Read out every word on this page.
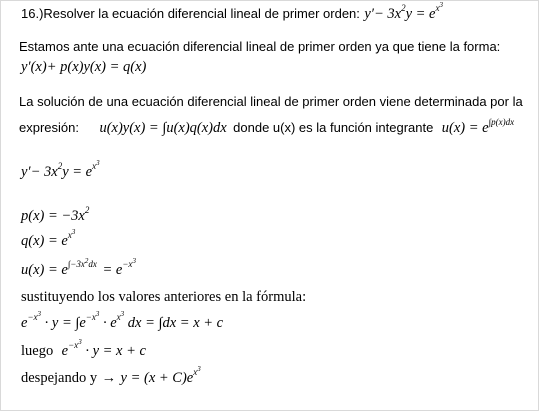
16.)Resolver la ecuación diferencial lineal de primer orden: $y'- 3x^2y = e^{x^3}$
Estamos ante una ecuación diferencial lineal de primer orden ya que tiene la forma:
y′(x)+ p(x)y(x) = q(x)
La solución de una ecuación diferencial lineal de primer orden viene determinada por la
expresión: u(x)y(x) = ∫u(x)q(x)dx donde u(x) es la función integrante $u(x) = e^{\int p(x)dx}$
$y'- 3x^2y = e^{x^3}$
$p(x) = -3x^2$
$q(x) = e^{x^3}$
$u(x) = e^{\int-3x^2dx} = e^{-x^3}$
sustituyendo los valores anteriores en la fórmula:
$e^{-x^3} \cdot y = \int e^{-x^3} \cdot e^{x^3}$ dx = ∫dx = x + c
luego $e^{-x^3} \cdot y = x + c$
despejando $y \to y = (x + C)e^{x^3}$
